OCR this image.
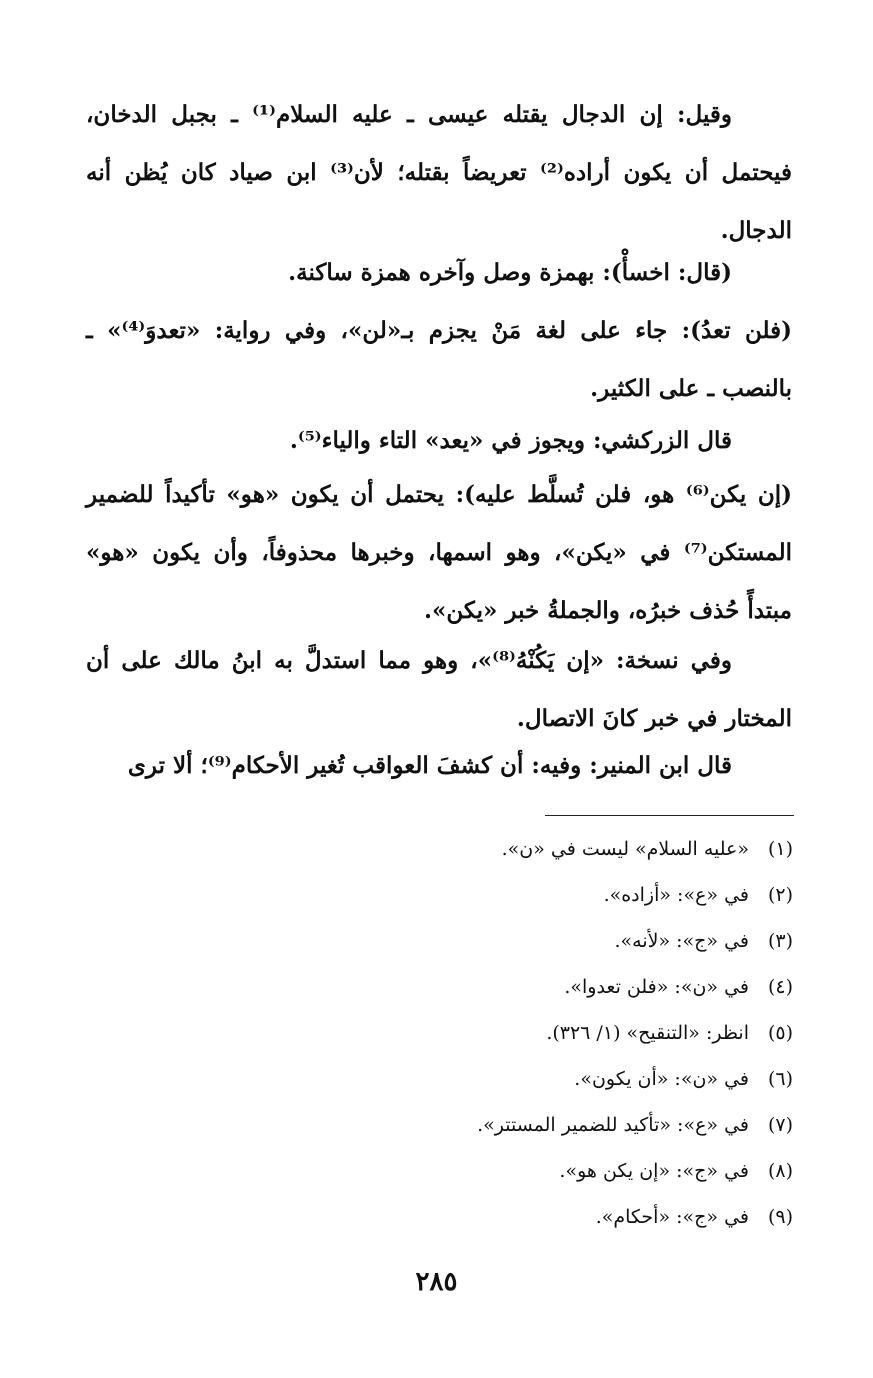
وقيل: إن الدجال يقتله عيسى ـ عليه السلام⁽¹⁾ ـ بجبل الدخان، فيحتمل أن يكون أراده⁽²⁾ تعريضاً بقتله؛ لأن⁽³⁾ ابن صياد كان يُظن أنه الدجال.

(قال: اخسأْ): بهمزة وصل وآخره همزة ساكنة.

(فلن تعدُ): جاء على لغة مَنْ يجزم بـ«لن»، وفي رواية: «تعدوَ⁽⁴⁾» ـ بالنصب ـ على الكثير.

قال الزركشي: ويجوز في «يعد» التاء والياء⁽⁵⁾.

(إن يكن⁽⁶⁾ هو، فلن تُسلَّط عليه): يحتمل أن يكون «هو» تأكيداً للضمير المستكن⁽⁷⁾ في «يكن»، وهو اسمها، وخبرها محذوفاً، وأن يكون «هو» مبتدأً حُذف خبرُه، والجملةُ خبر «يكن».

وفي نسخة: «إن يَكُنْهُ⁽⁸⁾»، وهو مما استدلَّ به ابنُ مالك على أن المختار في خبر كانَ الاتصال.

قال ابن المنير: وفيه: أن كشفَ العواقب تُغير الأحكام⁽⁹⁾؛ ألا ترى

(١)«عليه السلام» ليست في «ن».
(٢)في «ع»: «أزاده».
(٣)في «ج»: «لأنه».
(٤)في «ن»: «فلن تعدوا».
(٥)انظر: «التنقيح» (١/ ٣٢٦).
(٦)في «ن»: «أن يكون».
(٧)في «ع»: «تأكيد للضمير المستتر».
(٨)في «ج»: «إن يكن هو».
(٩)في «ج»: «أحكام».
٢٨٥
